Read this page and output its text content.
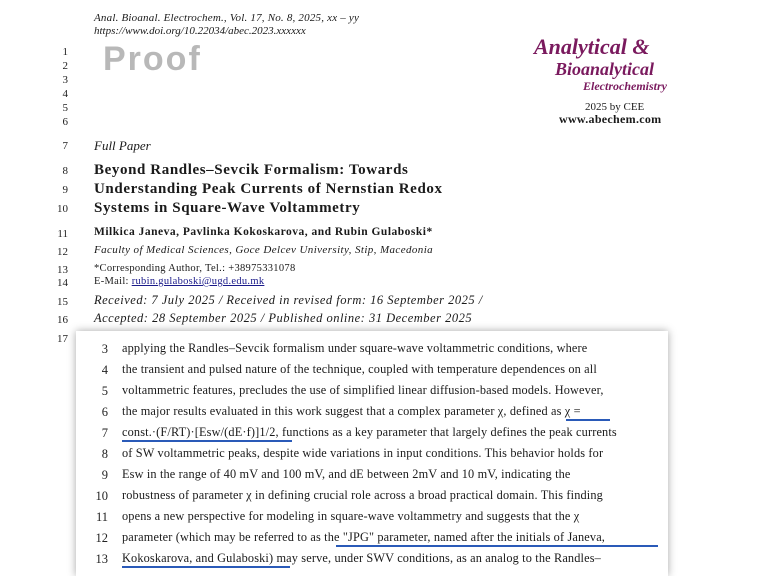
Anal. Bioanal. Electrochem., Vol. 17, No. 8, 2025, xx – yy
https://www.doi.org/10.22034/abec.2023.xxxxxx
Proof	Analytical &
Bioanalytical
Electrochemistry
2025 by CEE
www.abechem.com
1
2
3
4
5
6
7
8
9
10
11
12
13
14
15
16
17
Full Paper
Beyond Randles–Sevcik Formalism: Towards
Understanding Peak Currents of Nernstian Redox
Systems in Square-Wave Voltammetry
Milkica Janeva, Pavlinka Kokoskarova, and Rubin Gulaboski*
Faculty of Medical Sciences, Goce Delcev University, Stip, Macedonia
*Corresponding Author, Tel.: +38975331078
E-Mail: rubin.gulaboski@ugd.edu.mk
Received: 7 July 2025 / Received in revised form: 16 September 2025 /
Accepted: 28 September 2025 / Published online: 31 December 2025
3 applying the Randles–Sevcik formalism under square-wave voltammetric conditions, where
4 the transient and pulsed nature of the technique, coupled with temperature dependences on all
5 voltammetric features, precludes the use of simplified linear diffusion-based models. However,
6 the major results evaluated in this work suggest that a complex parameter χ, defined as χ =
7 const.·(F/RT)·[Esw/(dE·f)]1/2, functions as a key parameter that largely defines the peak currents
8 of SW voltammetric peaks, despite wide variations in input conditions. This behavior holds for
9 Esw in the range of 40 mV and 100 mV, and dE between 2mV and 10 mV, indicating the
10 robustness of parameter χ in defining crucial role across a broad practical domain. This finding
11 opens a new perspective for modeling in square-wave voltammetry and suggests that the χ
12 parameter (which may be referred to as the "JPG" parameter, named after the initials of Janeva,
13 Kokoskarova, and Gulaboski) may serve, under SWV conditions, as an analog to the Randles–
